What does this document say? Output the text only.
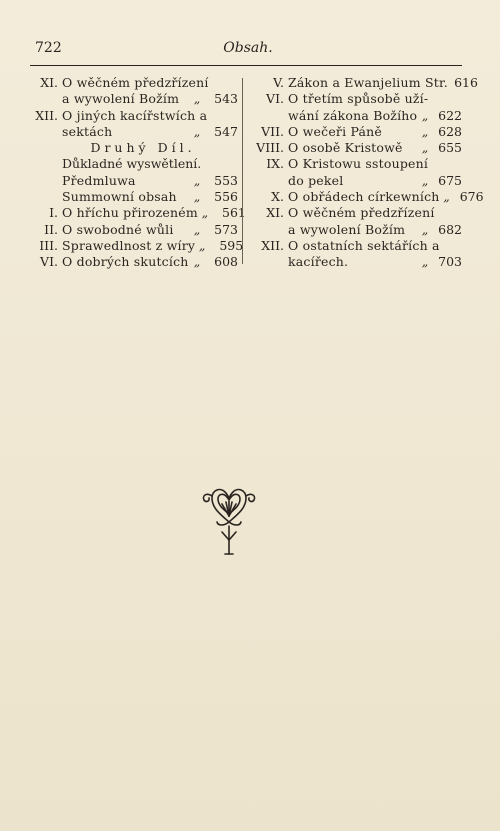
722	Obsah.
XI. O wěčném předzřízení
a wywolení Božím	„	543
XII. O jiných kacířstwích a
sektách	„	547
Druhý Díl.
Důkladné wyswětlení.
Předmluwa	„	553
Summowní obsah	„	556
I. O hříchu přirozeném „	561
II. O swobodné wůli	„	573
III. Sprawedlnost z wíry „	595
VI. O dobrých skutcích „	608
V. Zákon a Ewanjelium Str. 616
VI. O třetím spůsobě uží-
wání zákona Božího „ 622
VII. O wečeři Páně	„ 628
VIII. O osobě Kristowě	„ 655
IX. O Kristowu sstoupení
do pekel	„ 675
X. O obřádech církewních „ 676
XI. O wěčném předzřízení
a wywolení Božím	„ 682
XII. O ostatních sektářích a
kacířech.	„ 703
